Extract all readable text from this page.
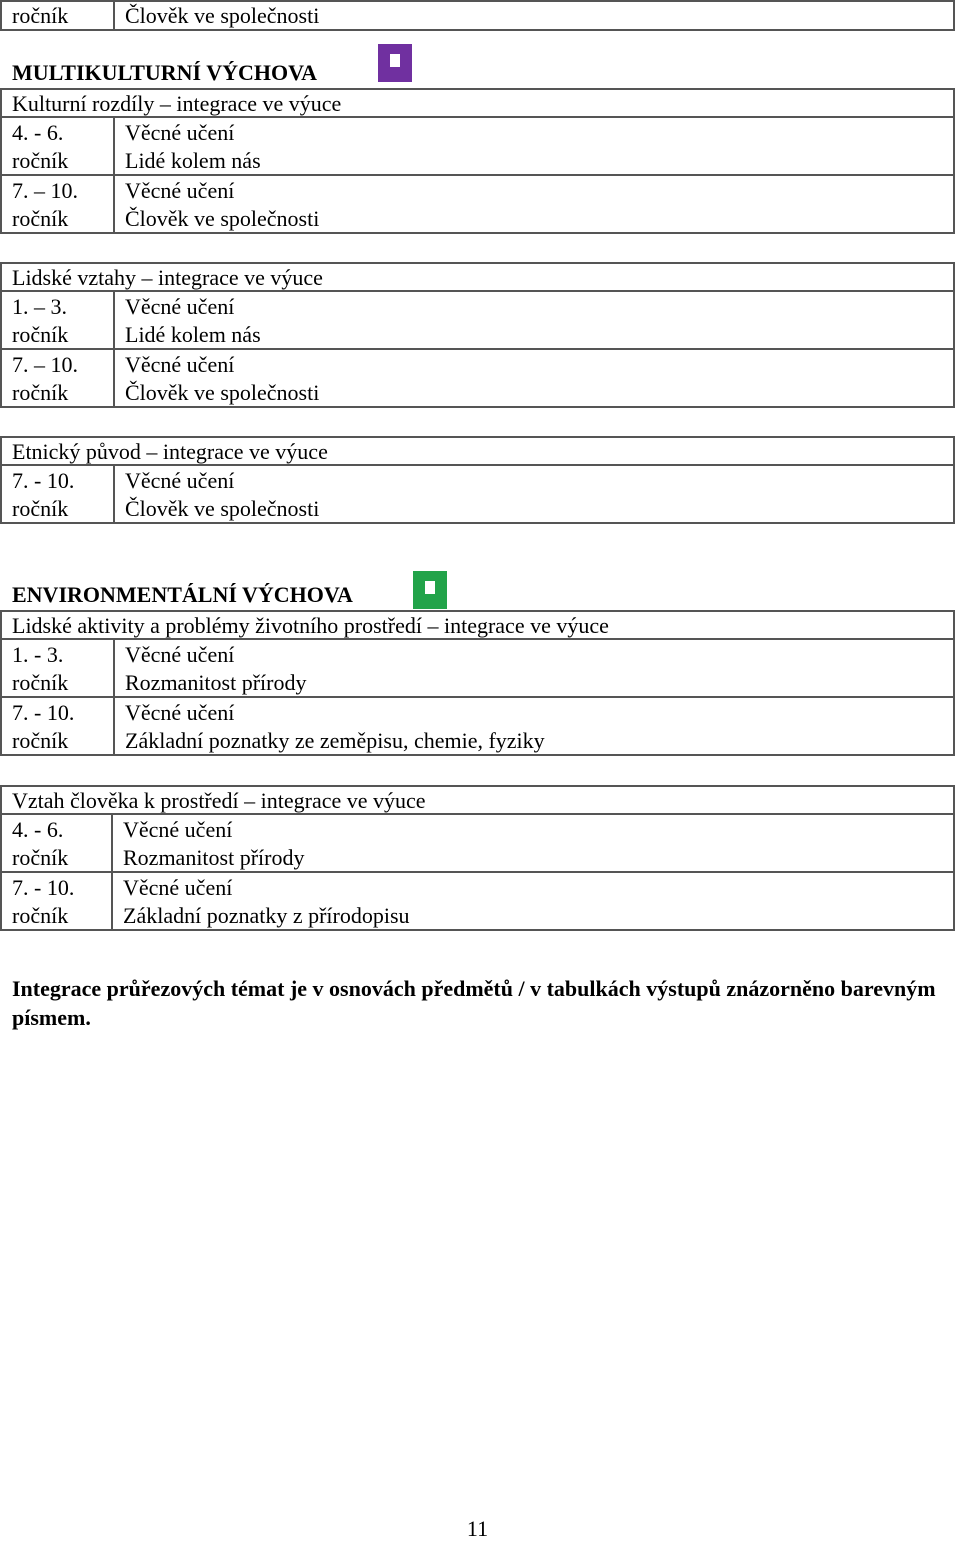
ročník	Člověk ve společnosti
MULTIKULTURNÍ VÝCHOVA
Kulturní rozdíly – integrace ve výuce
4. - 6.
ročník
Věcné učení
Lidé kolem nás
7. – 10.
ročník
Věcné učení
Člověk ve společnosti
Lidské vztahy – integrace ve výuce
1. – 3.
ročník
Věcné učení
Lidé kolem nás
7. – 10.
ročník
Věcné učení
Člověk ve společnosti
Etnický původ – integrace ve výuce
7. - 10.
ročník
Věcné učení
Člověk ve společnosti
ENVIRONMENTÁLNÍ VÝCHOVA
Lidské aktivity a problémy životního prostředí – integrace ve výuce
1. - 3.
ročník
Věcné učení
Rozmanitost přírody
7. - 10.
ročník
Věcné učení
Základní poznatky ze zeměpisu, chemie, fyziky
Vztah člověka k prostředí – integrace ve výuce
4. - 6.
ročník
Věcné učení
Rozmanitost přírody
7. - 10.
ročník
Věcné učení
Základní poznatky z přírodopisu
Integrace průřezových témat je v osnovách předmětů / v tabulkách výstupů znázorněno barevným písmem.
11
